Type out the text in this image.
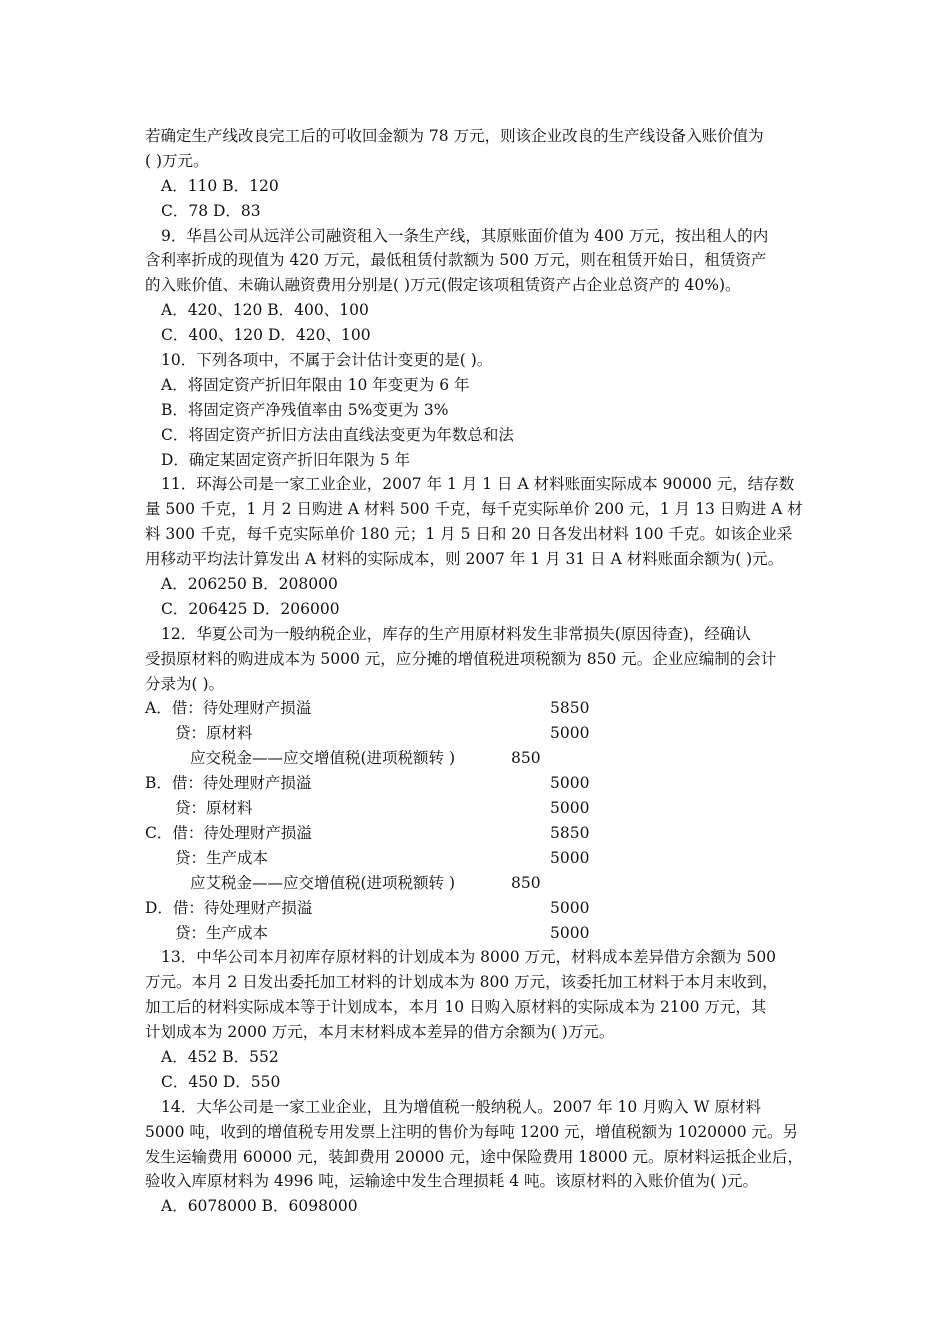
若确定生产线改良完工后的可收回金额为 78 万元，则该企业改良的生产线设备入账价值为
( )万元。
A．110 B．120
C．78 D．83
9．华昌公司从远洋公司融资租入一条生产线，其原账面价值为 400 万元，按出租人的内
含利率折成的现值为 420 万元，最低租赁付款额为 500 万元，则在租赁开始日，租赁资产
的入账价值、未确认融资费用分别是( )万元(假定该项租赁资产占企业总资产的 40%)。
A．420、120 B．400、100
C．400、120 D．420、100
10．下列各项中，不属于会计估计变更的是( )。
A．将固定资产折旧年限由 10 年变更为 6 年
B．将固定资产净残值率由 5%变更为 3%
C．将固定资产折旧方法由直线法变更为年数总和法
D．确定某固定资产折旧年限为 5 年
11．环海公司是一家工业企业，2007 年 1 月 1 日 A 材料账面实际成本 90000 元，结存数
量 500 千克，1 月 2 日购进 A 材料 500 千克，每千克实际单价 200 元，1 月 13 日购进 A 材
料 300 千克，每千克实际单价 180 元；1 月 5 日和 20 日各发出材料 100 千克。如该企业采
用移动平均法计算发出 A 材料的实际成本，则 2007 年 1 月 31 日 A 材料账面余额为( )元。
A．206250 B．208000
C．206425 D．206000
12．华夏公司为一般纳税企业，库存的生产用原材料发生非常损失(原因待查)，经确认
受损原材料的购进成本为 5000 元，应分摊的增值税进项税额为 850 元。企业应编制的会计
分录为( )。
A．借：待处理财产损溢	5850
贷：原材料	5000
应交税金——应交增值税(进项税额转 )	850
B．借：待处理财产损溢	5000
贷：原材料	5000
C．借：待处理财产损溢	5850
贷：生产成本	5000
应艾税金——应交增值税(进项税额转 )	850
D．借：待处理财产损溢	5000
贷：生产成本	5000
13．中华公司本月初库存原材料的计划成本为 8000 万元，材料成本差异借方余额为 500
万元。本月 2 日发出委托加工材料的计划成本为 800 万元，该委托加工材料于本月末收到，
加工后的材料实际成本等于计划成本，本月 10 日购入原材料的实际成本为 2100 万元，其
计划成本为 2000 万元，本月末材料成本差异的借方余额为( )万元。
A．452 B．552
C．450 D．550
14．大华公司是一家工业企业，且为增值税一般纳税人。2007 年 10 月购入 W 原材料
5000 吨，收到的增值税专用发票上注明的售价为每吨 1200 元，增值税额为 1020000 元。另
发生运输费用 60000 元，装卸费用 20000 元，途中保险费用 18000 元。原材料运抵企业后，
验收入库原材料为 4996 吨，运输途中发生合理损耗 4 吨。该原材料的入账价值为( )元。
A．6078000 B．6098000
